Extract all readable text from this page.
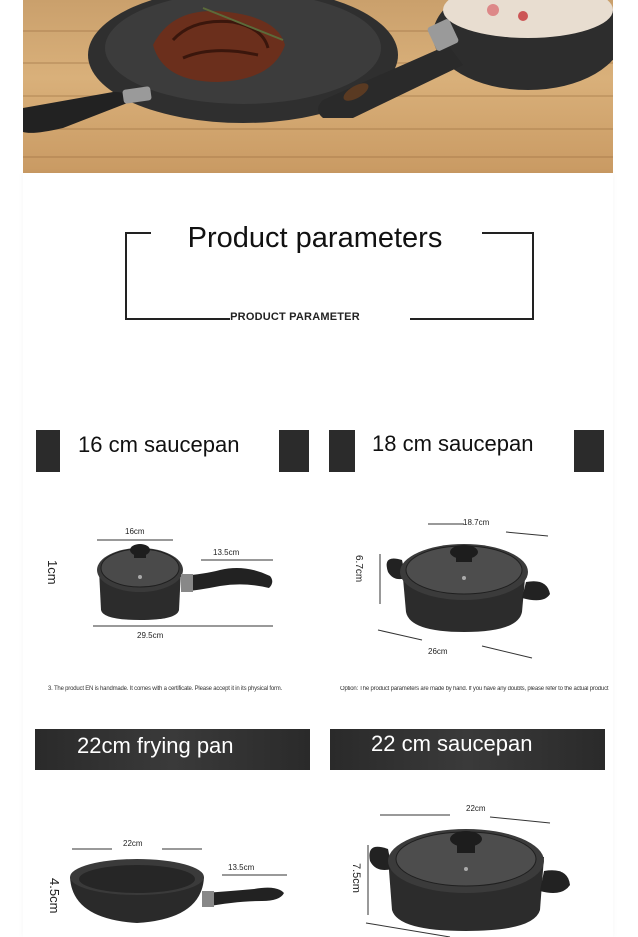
Product parameters
PRODUCT PARAMETER
16 cm saucepan	18 cm saucepan
16cm
13.5cm
29.5cm
1cm
18.7cm
26cm
6.7cm
3. The product EN is handmade. It comes with a certificate. Please accept it in its physical form.	Option: The product parameters are made by hand. If you have any doubts, please refer to the actual product
22cm frying pan	22 cm saucepan
22cm
13.5cm
4.5cm
22cm
7.5cm
